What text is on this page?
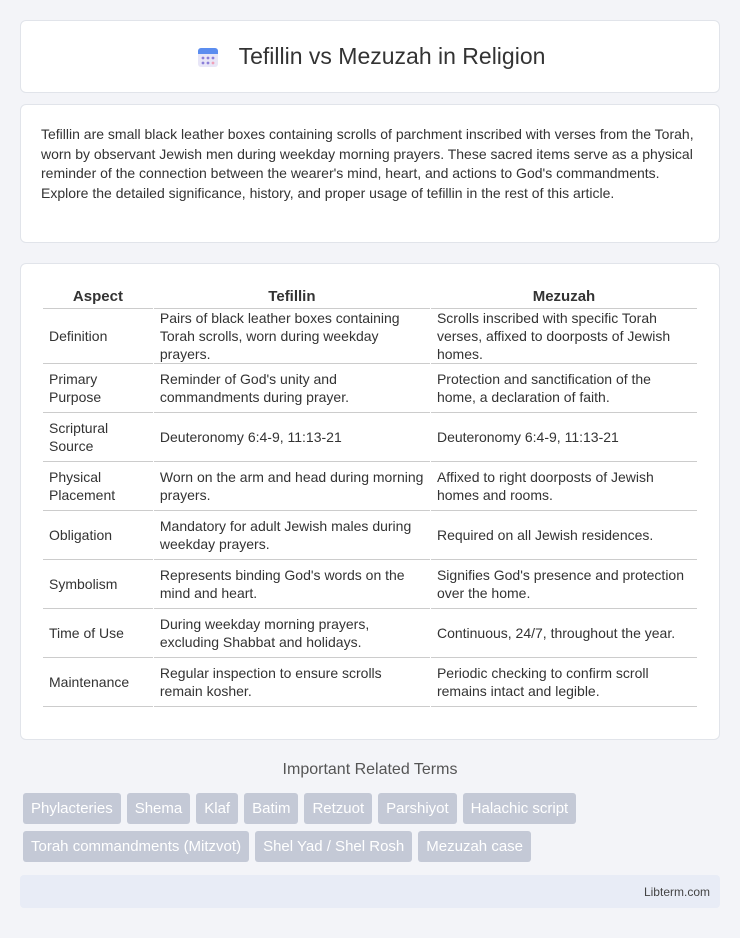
Tefillin vs Mezuzah in Religion

Tefillin are small black leather boxes containing scrolls of parchment inscribed with verses from the Torah, worn by observant Jewish men during weekday morning prayers. These sacred items serve as a physical reminder of the connection between the wearer's mind, heart, and actions to God's commandments. Explore the detailed significance, history, and proper usage of tefillin in the rest of this article.

Aspect	Tefillin	Mezuzah
Definition	Pairs of black leather boxes containing Torah scrolls, worn during weekday prayers.	Scrolls inscribed with specific Torah verses, affixed to doorposts of Jewish homes.
Primary Purpose	Reminder of God's unity and commandments during prayer.	Protection and sanctification of the home, a declaration of faith.
Scriptural Source	Deuteronomy 6:4-9, 11:13-21	Deuteronomy 6:4-9, 11:13-21
Physical Placement	Worn on the arm and head during morning prayers.	Affixed to right doorposts of Jewish homes and rooms.
Obligation	Mandatory for adult Jewish males during weekday prayers.	Required on all Jewish residences.
Symbolism	Represents binding God's words on the mind and heart.	Signifies God's presence and protection over the home.
Time of Use	During weekday morning prayers, excluding Shabbat and holidays.	Continuous, 24/7, throughout the year.
Maintenance	Regular inspection to ensure scrolls remain kosher.	Periodic checking to confirm scroll remains intact and legible.
Important Related Terms
Phylacteries	Shema	Klaf	Batim	Retzuot	Parshiyot	Halachic script
Torah commandments (Mitzvot)	Shel Yad / Shel Rosh	Mezuzah case
Libterm.com
